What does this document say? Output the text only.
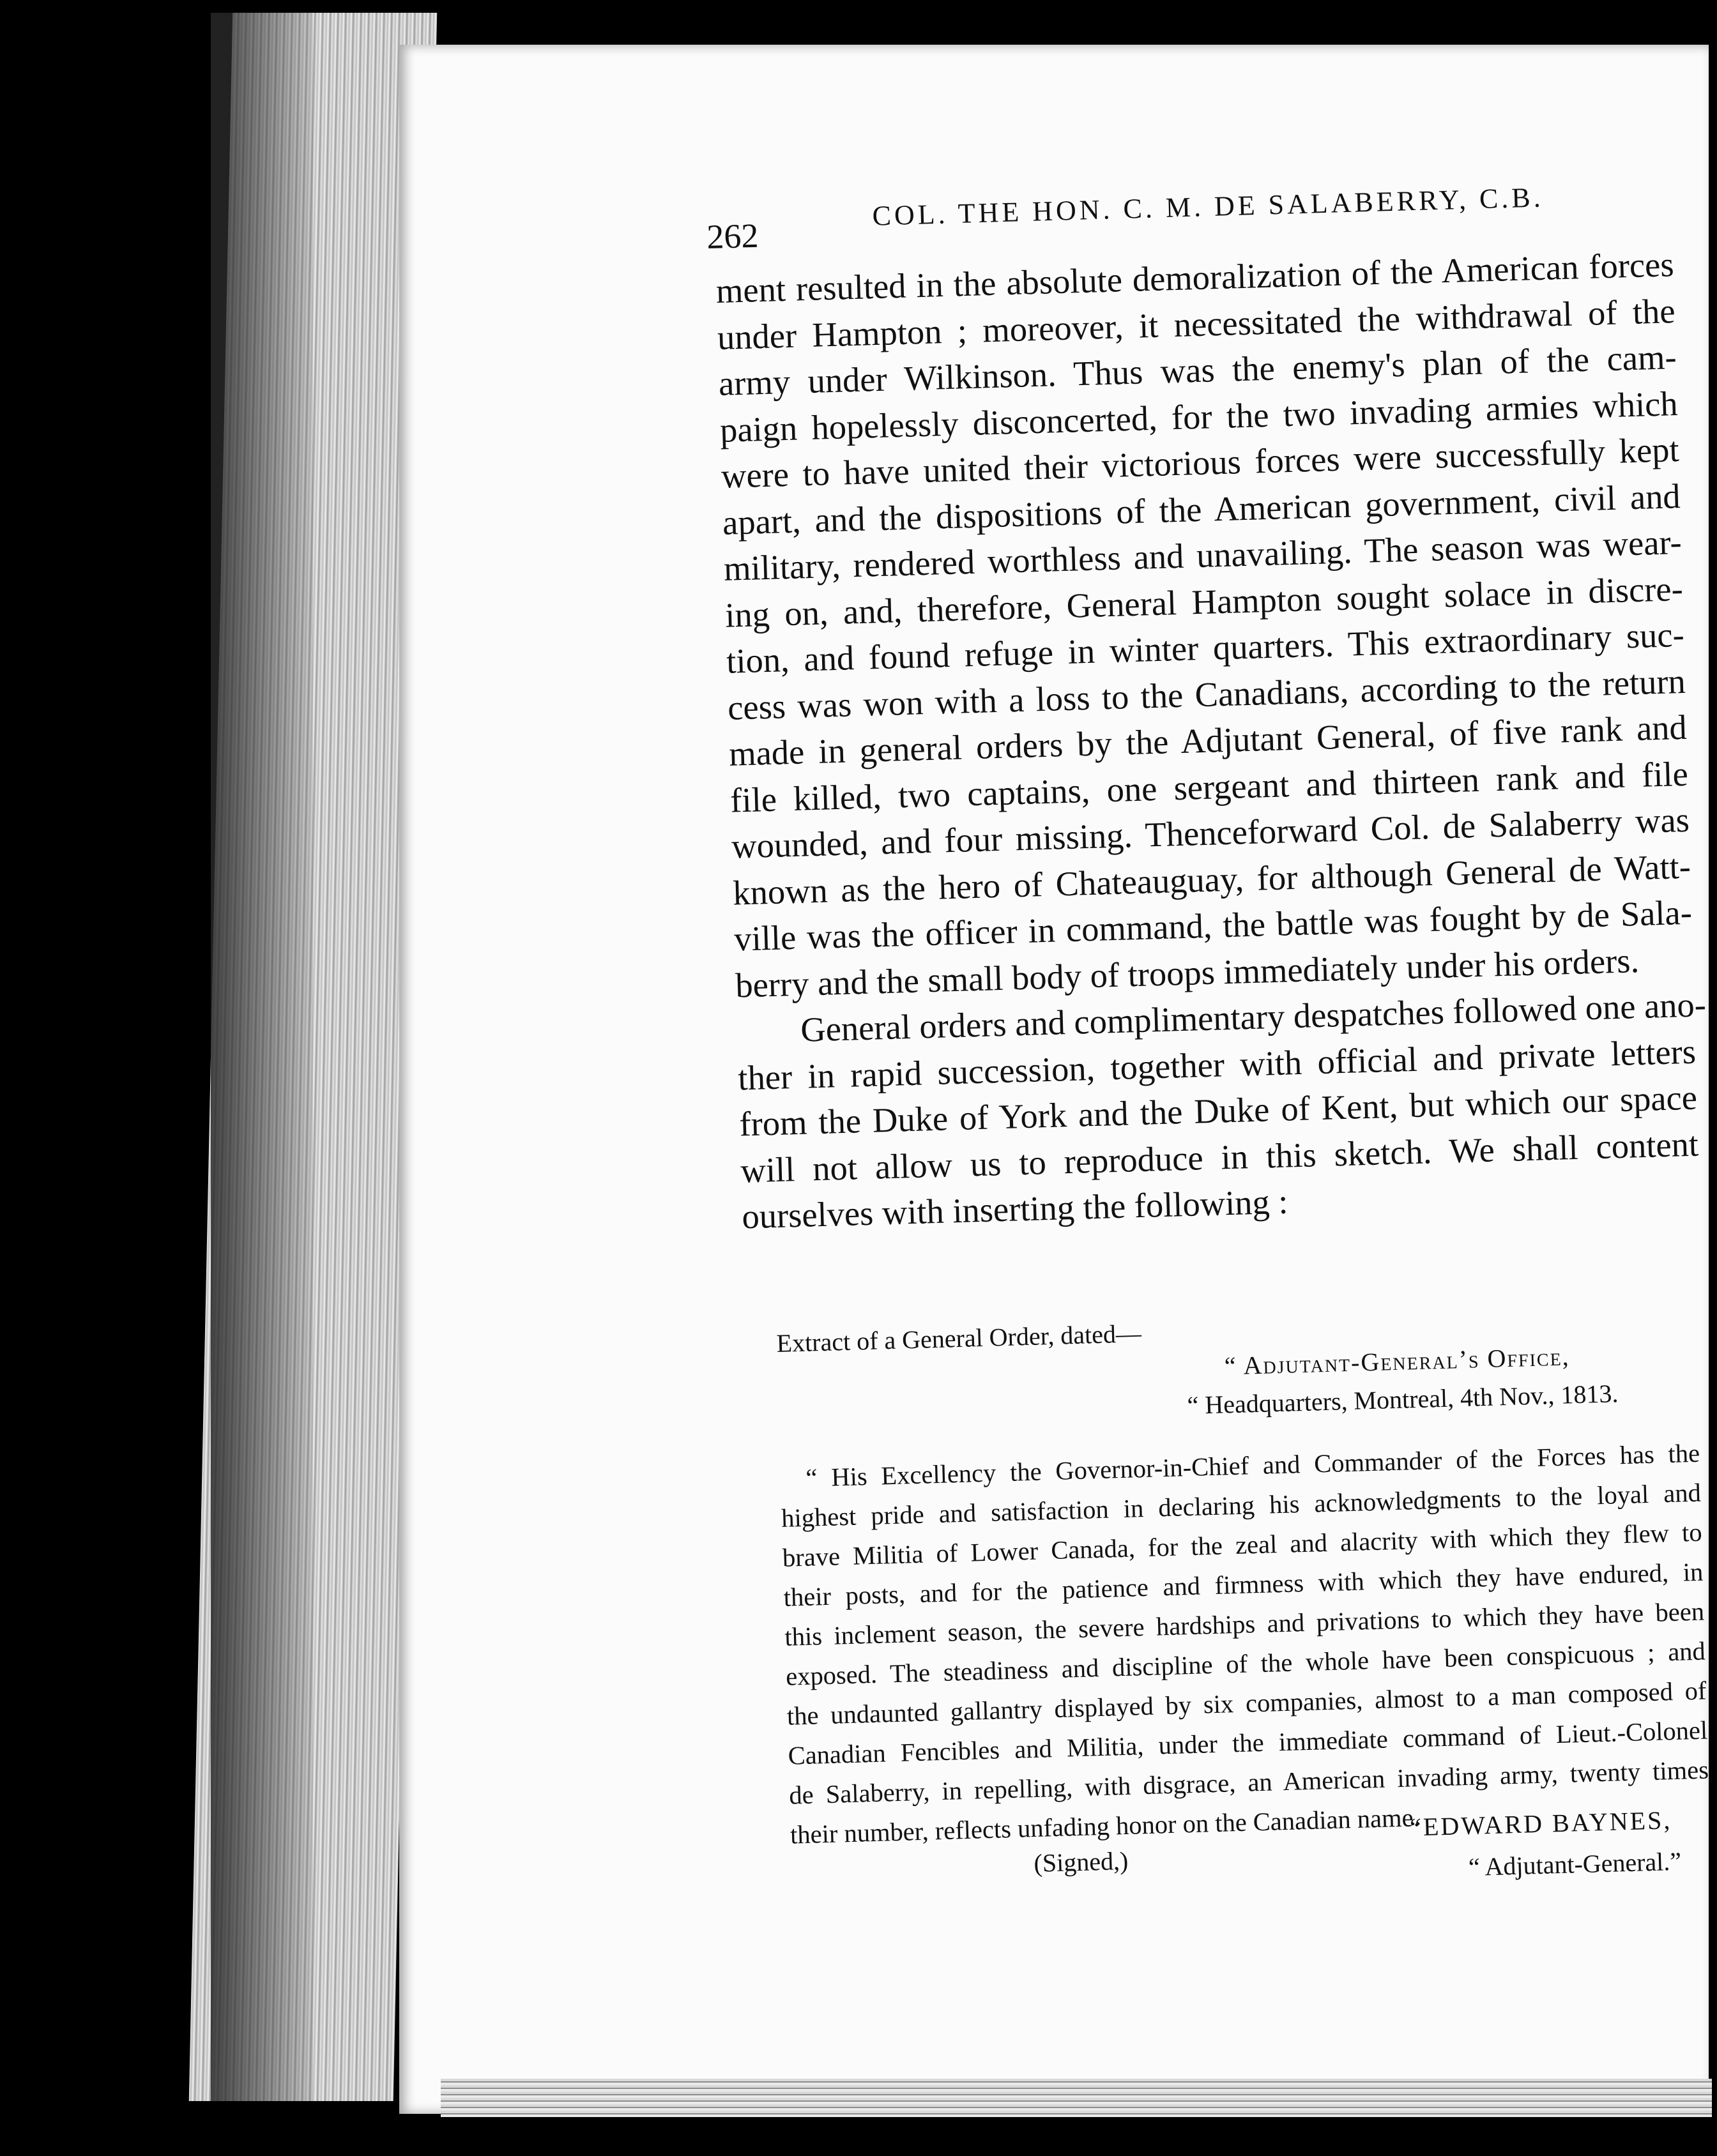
262
COL. THE HON. C. M. DE SALABERRY, C.B.
ment resulted in the absolute demoralization of the American forces
under Hampton ; moreover, it necessitated the withdrawal of the
army under Wilkinson. Thus was the enemy's plan of the cam-
paign hopelessly disconcerted, for the two invading armies which
were to have united their victorious forces were successfully kept
apart, and the dispositions of the American government, civil and
military, rendered worthless and unavailing. The season was wear-
ing on, and, therefore, General Hampton sought solace in discre-
tion, and found refuge in winter quarters. This extraordinary suc-
cess was won with a loss to the Canadians, according to the return
made in general orders by the Adjutant General, of five rank and
file killed, two captains, one sergeant and thirteen rank and file
wounded, and four missing. Thenceforward Col. de Salaberry was
known as the hero of Chateauguay, for although General de Watt-
ville was the officer in command, the battle was fought by de Sala-
berry and the small body of troops immediately under his orders.
General orders and complimentary despatches followed one ano-
ther in rapid succession, together with official and private letters
from the Duke of York and the Duke of Kent, but which our space
will not allow us to reproduce in this sketch. We shall content
ourselves with inserting the following :
Extract of a General Order, dated—
“ Adjutant-General’s Office,
“ Headquarters, Montreal, 4th Nov., 1813.
“ His Excellency the Governor-in-Chief and Commander of the Forces has the
highest pride and satisfaction in declaring his acknowledgments to the loyal and
brave Militia of Lower Canada, for the zeal and alacrity with which they flew to
their posts, and for the patience and firmness with which they have endured, in
this inclement season, the severe hardships and privations to which they have been
exposed. The steadiness and discipline of the whole have been conspicuous ; and
the undaunted gallantry displayed by six companies, almost to a man composed of
Canadian Fencibles and Militia, under the immediate command of Lieut.-Colonel
de Salaberry, in repelling, with disgrace, an American invading army, twenty times
their number, reflects unfading honor on the Canadian name.
(Signed,)
“EDWARD BAYNES,
“ Adjutant-General.”
